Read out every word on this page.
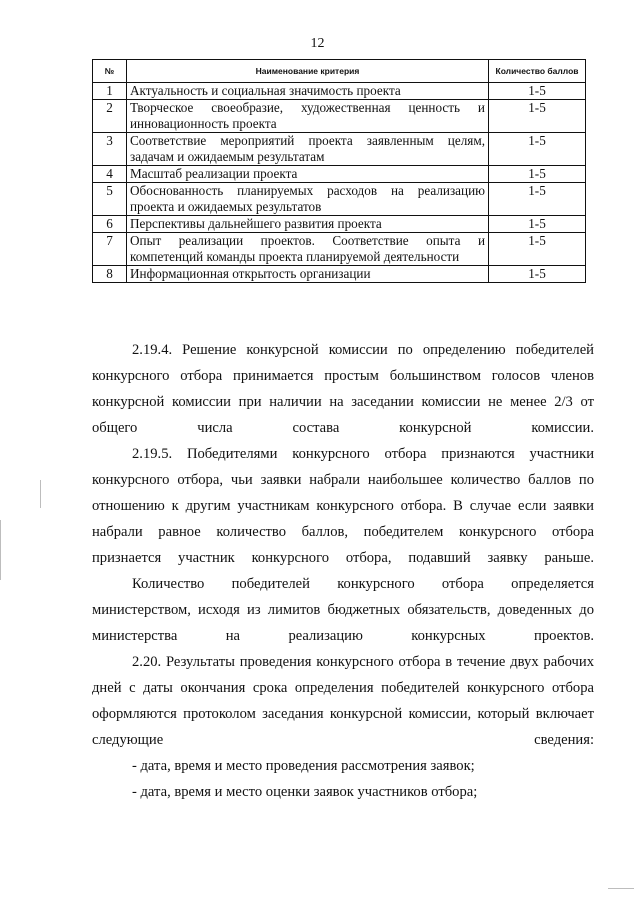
12
№	Наименование критерия	Количество баллов
1	Актуальность и социальная значимость проекта	1-5
2	Творческое своеобразие, художественная ценность и инновационность проекта	1-5
3	Соответствие мероприятий проекта заявленным целям, задачам и ожидаемым результатам	1-5
4	Масштаб реализации проекта	1-5
5	Обоснованность планируемых расходов на реализацию проекта и ожидаемых результатов	1-5
6	Перспективы дальнейшего развития проекта	1-5
7	Опыт реализации проектов. Соответствие опыта и компетенций команды проекта планируемой деятельности	1-5
8	Информационная открытость организации	1-5

2.19.4. Решение конкурсной комиссии по определению победителей конкурсного отбора принимается простым большинством голосов членов конкурсной комиссии при наличии на заседании комиссии не менее 2/3 от общего числа состава конкурсной комиссии.

2.19.5. Победителями конкурсного отбора признаются участники конкурсного отбора, чьи заявки набрали наибольшее количество баллов по отношению к другим участникам конкурсного отбора. В случае если заявки набрали равное количество баллов, победителем конкурсного отбора признается участник конкурсного отбора, подавший заявку раньше.

Количество победителей конкурсного отбора определяется министерством, исходя из лимитов бюджетных обязательств, доведенных до министерства на реализацию конкурсных проектов.

2.20. Результаты проведения конкурсного отбора в течение двух рабочих дней с даты окончания срока определения победителей конкурсного отбора оформляются протоколом заседания конкурсной комиссии, который включает следующие сведения:

- дата, время и место проведения рассмотрения заявок;

- дата, время и место оценки заявок участников отбора;
